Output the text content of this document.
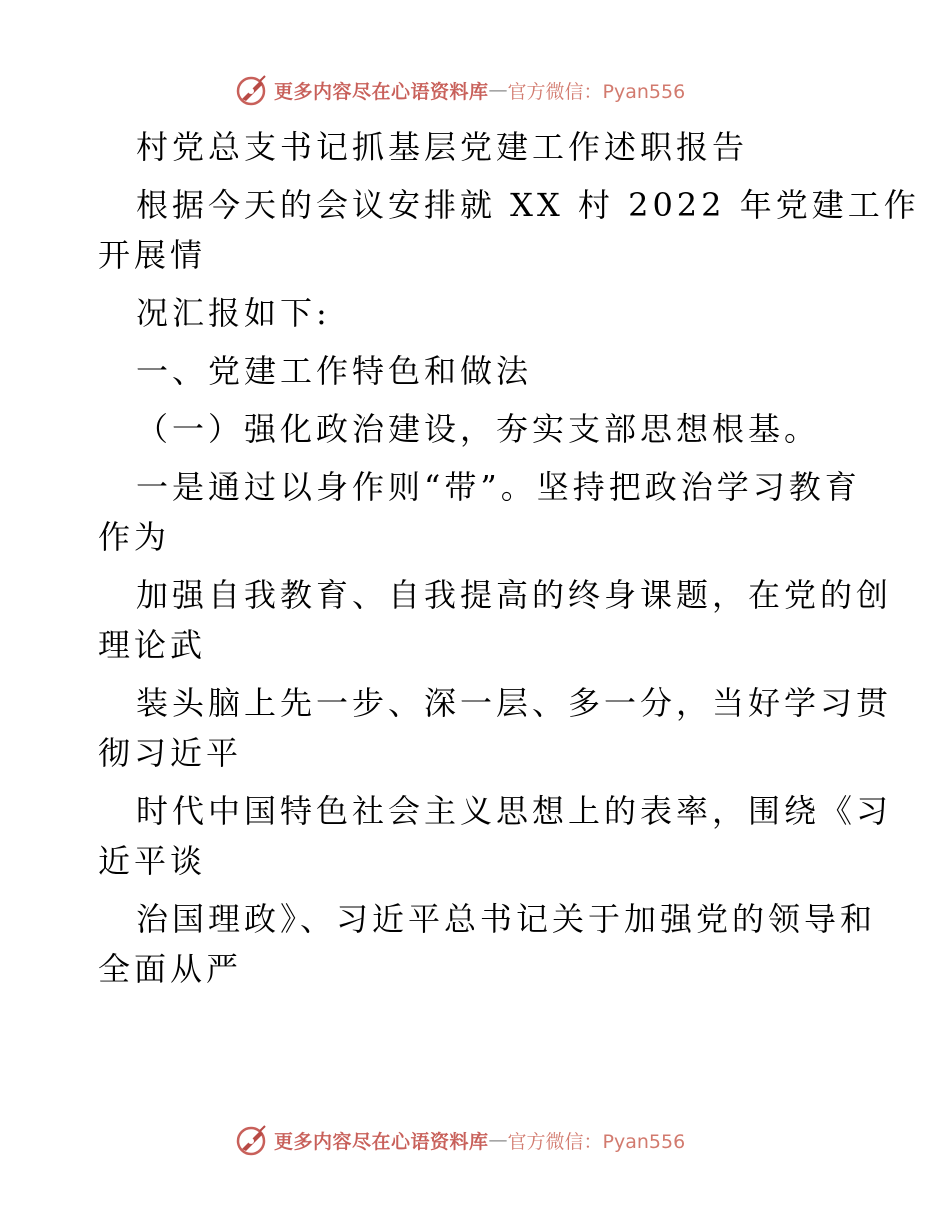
更多内容尽在心语资料库 — 官方微信：Pyan556
村党总支书记抓基层党建工作述职报告
根据今天的会议安排就 XX 村 2022 年党建工作
开展情
况汇报如下:
一、党建工作特色和做法
（一）强化政治建设，夯实支部思想根基。
一是通过以身作则“带”。坚持把政治学习教育
作为
加强自我教育、自我提高的终身课题，在党的创
理论武
装头脑上先一步、深一层、多一分，当好学习贯
彻习近平
时代中国特色社会主义思想上的表率，围绕《习
近平谈
治国理政》、习近平总书记关于加强党的领导和
全面从严
更多内容尽在心语资料库 — 官方微信：Pyan556
